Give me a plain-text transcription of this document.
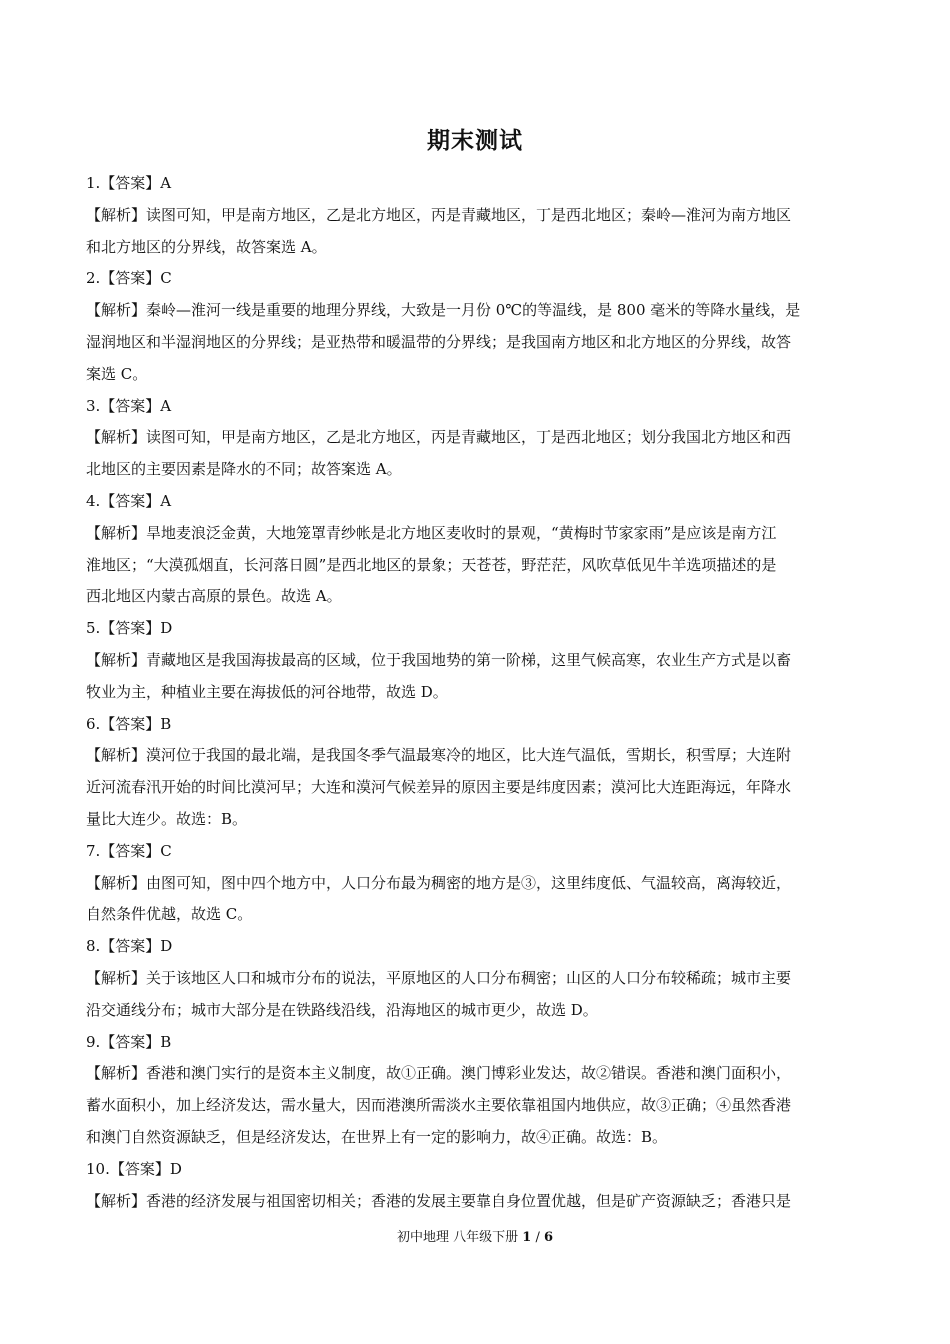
期末测试
1.【答案】A
【解析】读图可知，甲是南方地区，乙是北方地区，丙是青藏地区，丁是西北地区；秦岭—淮河为南方地区
和北方地区的分界线，故答案选 A。
2.【答案】C
【解析】秦岭—淮河一线是重要的地理分界线，大致是一月份 0℃的等温线，是 800 毫米的等降水量线，是
湿润地区和半湿润地区的分界线；是亚热带和暖温带的分界线；是我国南方地区和北方地区的分界线，故答
案选 C。
3.【答案】A
【解析】读图可知，甲是南方地区，乙是北方地区，丙是青藏地区，丁是西北地区；划分我国北方地区和西
北地区的主要因素是降水的不同；故答案选 A。
4.【答案】A
【解析】旱地麦浪泛金黄，大地笼罩青纱帐是北方地区麦收时的景观，“黄梅时节家家雨”是应该是南方江
淮地区；“大漠孤烟直，长河落日圆”是西北地区的景象；天苍苍，野茫茫，风吹草低见牛羊选项描述的是
西北地区内蒙古高原的景色。故选 A。
5.【答案】D
【解析】青藏地区是我国海拔最高的区域，位于我国地势的第一阶梯，这里气候高寒，农业生产方式是以畜
牧业为主，种植业主要在海拔低的河谷地带，故选 D。
6.【答案】B
【解析】漠河位于我国的最北端，是我国冬季气温最寒冷的地区，比大连气温低，雪期长，积雪厚；大连附
近河流春汛开始的时间比漠河早；大连和漠河气候差异的原因主要是纬度因素；漠河比大连距海远，年降水
量比大连少。故选：B。
7.【答案】C
【解析】由图可知，图中四个地方中，人口分布最为稠密的地方是③，这里纬度低、气温较高，离海较近，
自然条件优越，故选 C。
8.【答案】D
【解析】关于该地区人口和城市分布的说法，平原地区的人口分布稠密；山区的人口分布较稀疏；城市主要
沿交通线分布；城市大部分是在铁路线沿线，沿海地区的城市更少，故选 D。
9.【答案】B
【解析】香港和澳门实行的是资本主义制度，故①正确。澳门博彩业发达，故②错误。香港和澳门面积小，
蓄水面积小，加上经济发达，需水量大，因而港澳所需淡水主要依靠祖国内地供应，故③正确；④虽然香港
和澳门自然资源缺乏，但是经济发达，在世界上有一定的影响力，故④正确。故选：B。
10.【答案】D
【解析】香港的经济发展与祖国密切相关；香港的发展主要靠自身位置优越，但是矿产资源缺乏；香港只是
初中地理 八年级下册 1 / 6
